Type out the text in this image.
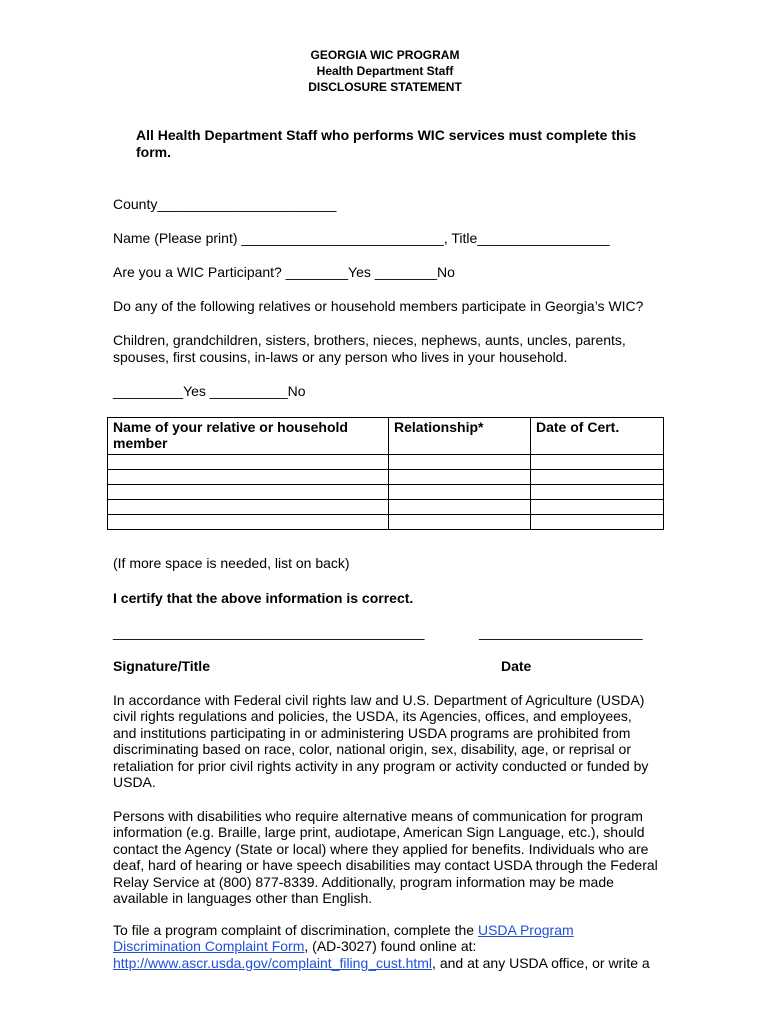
GEORGIA WIC PROGRAM
Health Department Staff
DISCLOSURE STATEMENT
All Health Department Staff who performs WIC services must complete this form.
County_______________________
Name (Please print) __________________________, Title_________________
Are you a WIC Participant? ________Yes ________No
Do any of the following relatives or household members participate in Georgia’s WIC?
Children, grandchildren, sisters, brothers, nieces, nephews, aunts, uncles, parents, spouses, first cousins, in-laws or any person who lives in your household.
_________Yes __________No
Name of your relative or household member	Relationship*	Date of Cert.

(If more space is needed, list on back)
I certify that the above information is correct.
________________________________________	_____________________
Signature/Title	Date
In accordance with Federal civil rights law and U.S. Department of Agriculture (USDA) civil rights regulations and policies, the USDA, its Agencies, offices, and employees, and institutions participating in or administering USDA programs are prohibited from discriminating based on race, color, national origin, sex, disability, age, or reprisal or retaliation for prior civil rights activity in any program or activity conducted or funded by USDA.
Persons with disabilities who require alternative means of communication for program information (e.g. Braille, large print, audiotape, American Sign Language, etc.), should contact the Agency (State or local) where they applied for benefits. Individuals who are deaf, hard of hearing or have speech disabilities may contact USDA through the Federal Relay Service at (800) 877-8339. Additionally, program information may be made available in languages other than English.
To file a program complaint of discrimination, complete the USDA Program Discrimination Complaint Form, (AD-3027) found online at: http://www.ascr.usda.gov/complaint_filing_cust.html, and at any USDA office, or write a
